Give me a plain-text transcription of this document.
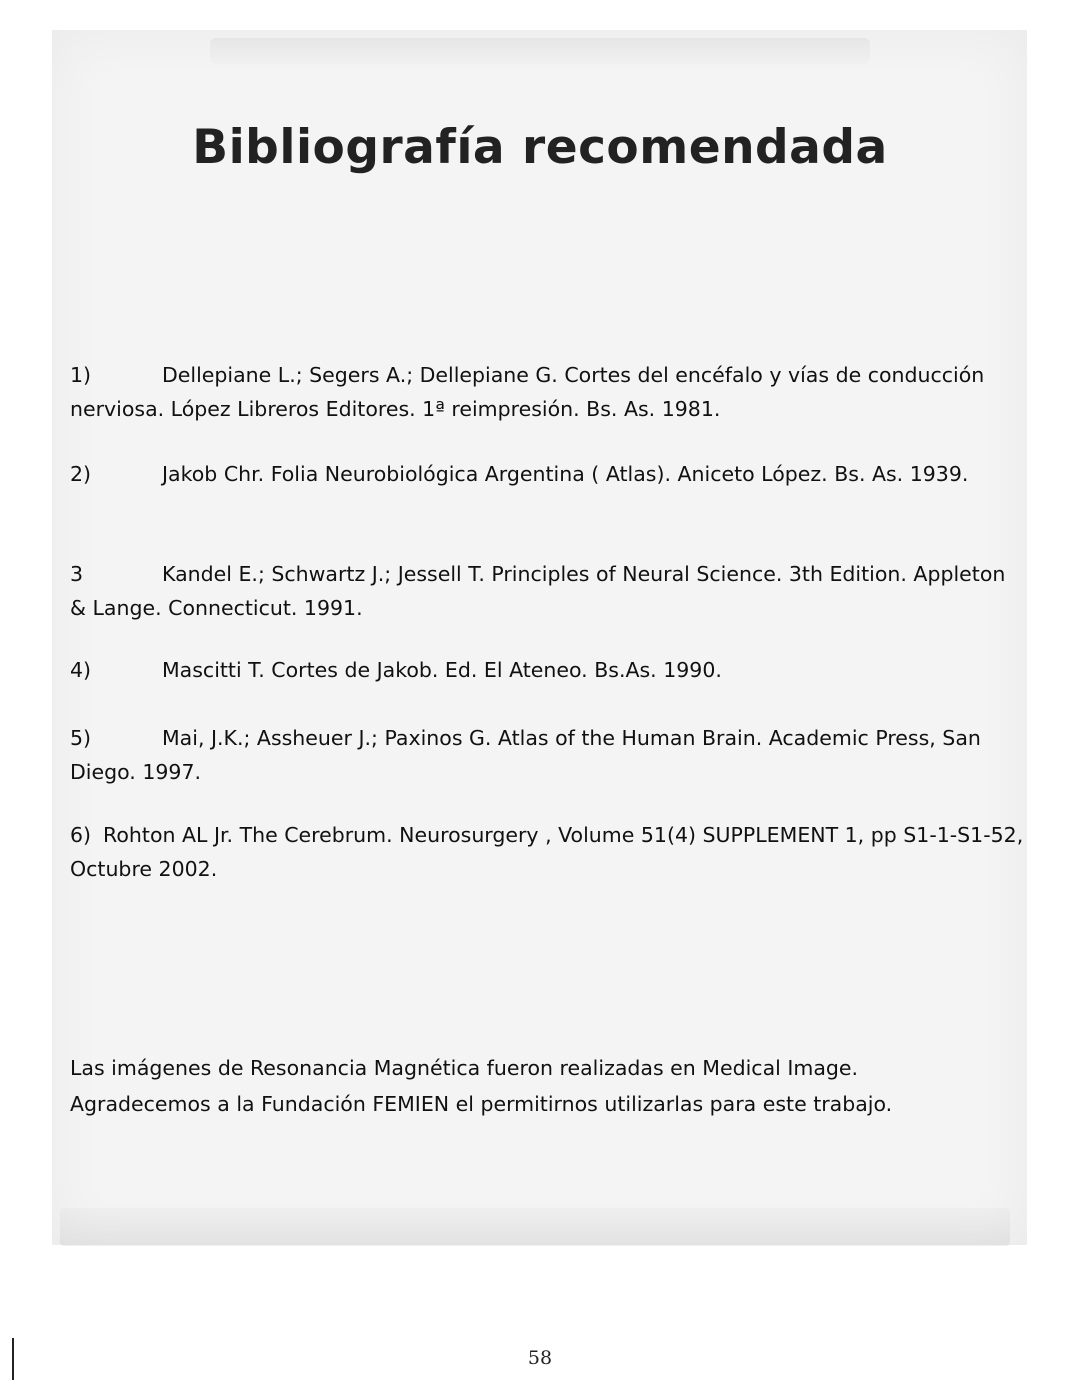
Bibliografía recomendada
1)	Dellepiane L.; Segers A.; Dellepiane G. Cortes del encéfalo y vías de conducción nerviosa. López Libreros Editores. 1ª reimpresión. Bs. As. 1981.
2)	Jakob Chr. Folia Neurobiológica Argentina ( Atlas). Aniceto López. Bs. As. 1939.
3	Kandel E.; Schwartz J.; Jessell T. Principles of Neural Science. 3th Edition. Appleton & Lange. Connecticut. 1991.
4)	Mascitti T. Cortes de Jakob. Ed. El Ateneo. Bs.As. 1990.
5)	Mai, J.K.; Assheuer J.; Paxinos G. Atlas of the Human Brain. Academic Press, San Diego. 1997.
6) Rohton AL Jr. The Cerebrum. Neurosurgery , Volume 51(4) SUPPLEMENT 1, pp S1-1-S1-52, Octubre 2002.

Las imágenes de Resonancia Magnética fueron realizadas en Medical Image.

Agradecemos a la Fundación FEMIEN el permitirnos utilizarlas para este trabajo.

58
